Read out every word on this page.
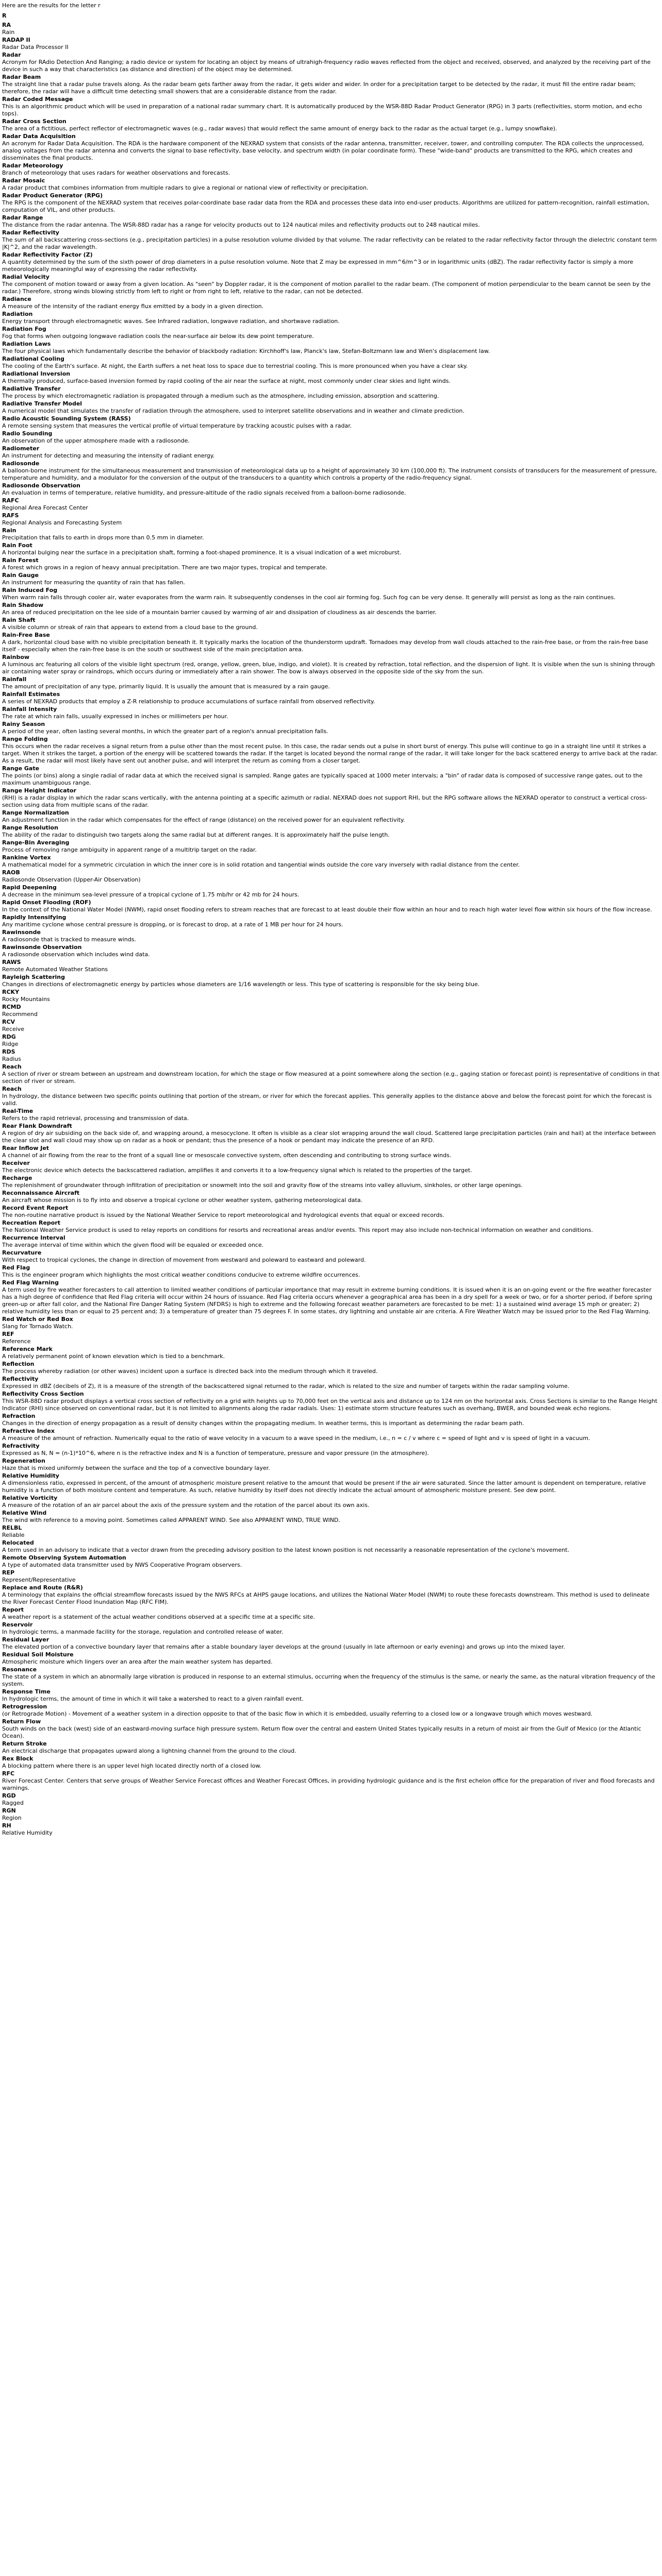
Here are the results for the letter r
R
RA
Rain
RADAP II
Radar Data Processor II
Radar
Acronym for RAdio Detection And Ranging; a radio device or system for locating an object by means of ultrahigh-frequency radio waves reflected from the object and received, observed, and analyzed by the receiving part of the device in such a way that characteristics (as distance and direction) of the object may be determined.
Radar Beam
The straight line that a radar pulse travels along. As the radar beam gets farther away from the radar, it gets wider and wider. In order for a precipitation target to be detected by the radar, it must fill the entire radar beam; therefore, the radar will have a difficult time detecting small showers that are a considerable distance from the radar.
Radar Coded Message
This is an algorithmic product which will be used in preparation of a national radar summary chart. It is automatically produced by the WSR-88D Radar Product Generator (RPG) in 3 parts (reflectivities, storm motion, and echo tops).
Radar Cross Section
The area of a fictitious, perfect reflector of electromagnetic waves (e.g., radar waves) that would reflect the same amount of energy back to the radar as the actual target (e.g., lumpy snowflake).
Radar Data Acquisition
An acronym for Radar Data Acquisition. The RDA is the hardware component of the NEXRAD system that consists of the radar antenna, transmitter, receiver, tower, and controlling computer. The RDA collects the unprocessed, analog voltages from the radar antenna and converts the signal to base reflectivity, base velocity, and spectrum width (in polar coordinate form). These "wide-band" products are transmitted to the RPG, which creates and disseminates the final products.
Radar Meteorology
Branch of meteorology that uses radars for weather observations and forecasts.
Radar Mosaic
A radar product that combines information from multiple radars to give a regional or national view of reflectivity or precipitation.
Radar Product Generator (RPG)
The RPG is the component of the NEXRAD system that receives polar-coordinate base radar data from the RDA and processes these data into end-user products. Algorithms are utilized for pattern-recognition, rainfall estimation, computation of VIL, and other products.
Radar Range
The distance from the radar antenna. The WSR-88D radar has a range for velocity products out to 124 nautical miles and reflectivity products out to 248 nautical miles.
Radar Reflectivity
The sum of all backscattering cross-sections (e.g., precipitation particles) in a pulse resolution volume divided by that volume. The radar reflectivity can be related to the radar reflectivity factor through the dielectric constant term |K|^2, and the radar wavelength.
Radar Reflectivity Factor (Z)
A quantity determined by the sum of the sixth power of drop diameters in a pulse resolution volume. Note that Z may be expressed in mm^6/m^3 or in logarithmic units (dBZ). The radar reflectivity factor is simply a more meteorologically meaningful way of expressing the radar reflectivity.
Radial Velocity
The component of motion toward or away from a given location. As "seen" by Doppler radar, it is the component of motion parallel to the radar beam. (The component of motion perpendicular to the beam cannot be seen by the radar.) Therefore, strong winds blowing strictly from left to right or from right to left, relative to the radar, can not be detected.
Radiance
A measure of the intensity of the radiant energy flux emitted by a body in a given direction.
Radiation
Energy transport through electromagnetic waves. See Infrared radiation, longwave radiation, and shortwave radiation.
Radiation Fog
Fog that forms when outgoing longwave radiation cools the near-surface air below its dew point temperature.
Radiation Laws
The four physical laws which fundamentally describe the behavior of blackbody radiation: Kirchhoff's law, Planck's law, Stefan-Boltzmann law and Wien's displacement law.
Radiational Cooling
The cooling of the Earth's surface. At night, the Earth suffers a net heat loss to space due to terrestrial cooling. This is more pronounced when you have a clear sky.
Radiational Inversion
A thermally produced, surface-based inversion formed by rapid cooling of the air near the surface at night, most commonly under clear skies and light winds.
Radiative Transfer
The process by which electromagnetic radiation is propagated through a medium such as the atmosphere, including emission, absorption and scattering.
Radiative Transfer Model
A numerical model that simulates the transfer of radiation through the atmosphere, used to interpret satellite observations and in weather and climate prediction.
Radio Acoustic Sounding System (RASS)
A remote sensing system that measures the vertical profile of virtual temperature by tracking acoustic pulses with a radar.
Radio Sounding
An observation of the upper atmosphere made with a radiosonde.
Radiometer
An instrument for detecting and measuring the intensity of radiant energy.
Radiosonde
A balloon-borne instrument for the simultaneous measurement and transmission of meteorological data up to a height of approximately 30 km (100,000 ft). The instrument consists of transducers for the measurement of pressure, temperature and humidity, and a modulator for the conversion of the output of the transducers to a quantity which controls a property of the radio-frequency signal.
Radiosonde Observation
An evaluation in terms of temperature, relative humidity, and pressure-altitude of the radio signals received from a balloon-borne radiosonde.
RAFC
Regional Area Forecast Center
RAFS
Regional Analysis and Forecasting System
Rain
Precipitation that falls to earth in drops more than 0.5 mm in diameter.
Rain Foot
A horizontal bulging near the surface in a precipitation shaft, forming a foot-shaped prominence. It is a visual indication of a wet microburst.
Rain Forest
A forest which grows in a region of heavy annual precipitation. There are two major types, tropical and temperate.
Rain Gauge
An instrument for measuring the quantity of rain that has fallen.
Rain Induced Fog
When warm rain falls through cooler air, water evaporates from the warm rain. It subsequently condenses in the cool air forming fog. Such fog can be very dense. It generally will persist as long as the rain continues.
Rain Shadow
An area of reduced precipitation on the lee side of a mountain barrier caused by warming of air and dissipation of cloudiness as air descends the barrier.
Rain Shaft
A visible column or streak of rain that appears to extend from a cloud base to the ground.
Rain-Free Base
A dark, horizontal cloud base with no visible precipitation beneath it. It typically marks the location of the thunderstorm updraft. Tornadoes may develop from wall clouds attached to the rain-free base, or from the rain-free base itself - especially when the rain-free base is on the south or southwest side of the main precipitation area.
Rainbow
A luminous arc featuring all colors of the visible light spectrum (red, orange, yellow, green, blue, indigo, and violet). It is created by refraction, total reflection, and the dispersion of light. It is visible when the sun is shining through air containing water spray or raindrops, which occurs during or immediately after a rain shower. The bow is always observed in the opposite side of the sky from the sun.
Rainfall
The amount of precipitation of any type, primarily liquid. It is usually the amount that is measured by a rain gauge.
Rainfall Estimates
A series of NEXRAD products that employ a Z-R relationship to produce accumulations of surface rainfall from observed reflectivity.
Rainfall Intensity
The rate at which rain falls, usually expressed in inches or millimeters per hour.
Rainy Season
A period of the year, often lasting several months, in which the greater part of a region's annual precipitation falls.
Range Folding
This occurs when the radar receives a signal return from a pulse other than the most recent pulse. In this case, the radar sends out a pulse in short burst of energy. This pulse will continue to go in a straight line until it strikes a target. When it strikes the target, a portion of the energy will be scattered towards the radar. If the target is located beyond the normal range of the radar, it will take longer for the back scattered energy to arrive back at the radar. As a result, the radar will most likely have sent out another pulse, and will interpret the return as coming from a closer target.
Range Gate
The points (or bins) along a single radial of radar data at which the received signal is sampled. Range gates are typically spaced at 1000 meter intervals; a "bin" of radar data is composed of successive range gates, out to the maximum unambiguous range.
Range Height Indicator
(RHI) is a radar display in which the radar scans vertically, with the antenna pointing at a specific azimuth or radial. NEXRAD does not support RHI, but the RPG software allows the NEXRAD operator to construct a vertical cross-section using data from multiple scans of the radar.
Range Normalization
An adjustment function in the radar which compensates for the effect of range (distance) on the received power for an equivalent reflectivity.
Range Resolution
The ability of the radar to distinguish two targets along the same radial but at different ranges. It is approximately half the pulse length.
Range-Bin Averaging
Process of removing range ambiguity in apparent range of a multitrip target on the radar.
Rankine Vortex
A mathematical model for a symmetric circulation in which the inner core is in solid rotation and tangential winds outside the core vary inversely with radial distance from the center.
RAOB
Radiosonde Observation (Upper-Air Observation)
Rapid Deepening
A decrease in the minimum sea-level pressure of a tropical cyclone of 1.75 mb/hr or 42 mb for 24 hours.
Rapid Onset Flooding (ROF)
In the context of the National Water Model (NWM), rapid onset flooding refers to stream reaches that are forecast to at least double their flow within an hour and to reach high water level flow within six hours of the flow increase.
Rapidly Intensifying
Any maritime cyclone whose central pressure is dropping, or is forecast to drop, at a rate of 1 MB per hour for 24 hours.
Rawinsonde
A radiosonde that is tracked to measure winds.
Rawinsonde Observation
A radiosonde observation which includes wind data.
RAWS
Remote Automated Weather Stations
Rayleigh Scattering
Changes in directions of electromagnetic energy by particles whose diameters are 1/16 wavelength or less. This type of scattering is responsible for the sky being blue.
RCKY
Rocky Mountains
RCMD
Recommend
RCV
Receive
RDG
Ridge
RDS
Radius
Reach
A section of river or stream between an upstream and downstream location, for which the stage or flow measured at a point somewhere along the section (e.g., gaging station or forecast point) is representative of conditions in that section of river or stream.
Reach
In hydrology, the distance between two specific points outlining that portion of the stream, or river for which the forecast applies. This generally applies to the distance above and below the forecast point for which the forecast is valid.
Real-Time
Refers to the rapid retrieval, processing and transmission of data.
Rear Flank Downdraft
A region of dry air subsiding on the back side of, and wrapping around, a mesocyclone. It often is visible as a clear slot wrapping around the wall cloud. Scattered large precipitation particles (rain and hail) at the interface between the clear slot and wall cloud may show up on radar as a hook or pendant; thus the presence of a hook or pendant may indicate the presence of an RFD.
Rear Inflow Jet
A channel of air flowing from the rear to the front of a squall line or mesoscale convective system, often descending and contributing to strong surface winds.
Receiver
The electronic device which detects the backscattered radiation, amplifies it and converts it to a low-frequency signal which is related to the properties of the target.
Recharge
The replenishment of groundwater through infiltration of precipitation or snowmelt into the soil and gravity flow of the streams into valley alluvium, sinkholes, or other large openings.
Reconnaissance Aircraft
An aircraft whose mission is to fly into and observe a tropical cyclone or other weather system, gathering meteorological data.
Record Event Report
The non-routine narrative product is issued by the National Weather Service to report meteorological and hydrological events that equal or exceed records.
Recreation Report
The National Weather Service product is used to relay reports on conditions for resorts and recreational areas and/or events. This report may also include non-technical information on weather and conditions.
Recurrence Interval
The average interval of time within which the given flood will be equaled or exceeded once.
Recurvature
With respect to tropical cyclones, the change in direction of movement from westward and poleward to eastward and poleward.
Red Flag
This is the engineer program which highlights the most critical weather conditions conducive to extreme wildfire occurrences.
Red Flag Warning
A term used by fire weather forecasters to call attention to limited weather conditions of particular importance that may result in extreme burning conditions. It is issued when it is an on-going event or the fire weather forecaster has a high degree of confidence that Red Flag criteria will occur within 24 hours of issuance. Red Flag criteria occurs whenever a geographical area has been in a dry spell for a week or two, or for a shorter period, if before spring green-up or after fall color, and the National Fire Danger Rating System (NFDRS) is high to extreme and the following forecast weather parameters are forecasted to be met: 1) a sustained wind average 15 mph or greater; 2) relative humidity less than or equal to 25 percent and; 3) a temperature of greater than 75 degrees F. In some states, dry lightning and unstable air are criteria. A Fire Weather Watch may be issued prior to the Red Flag Warning.
Red Watch or Red Box
Slang for Tornado Watch.
REF
Reference
Reference Mark
A relatively permanent point of known elevation which is tied to a benchmark.
Reflection
The process whereby radiation (or other waves) incident upon a surface is directed back into the medium through which it traveled.
Reflectivity
Expressed in dBZ (decibels of Z), it is a measure of the strength of the backscattered signal returned to the radar, which is related to the size and number of targets within the radar sampling volume.
Reflectivity Cross Section
This WSR-88D radar product displays a vertical cross section of reflectivity on a grid with heights up to 70,000 feet on the vertical axis and distance up to 124 nm on the horizontal axis. Cross Sections is similar to the Range Height Indicator (RHI) since observed on conventional radar, but it is not limited to alignments along the radar radials. Uses: 1) estimate storm structure features such as overhang, BWER, and bounded weak echo regions.
Refraction
Changes in the direction of energy propagation as a result of density changes within the propagating medium. In weather terms, this is important as determining the radar beam path.
Refractive Index
A measure of the amount of refraction. Numerically equal to the ratio of wave velocity in a vacuum to a wave speed in the medium, i.e., n = c / v where c = speed of light and v is speed of light in a vacuum.
Refractivity
Expressed as N, N = (n-1)*10^6, where n is the refractive index and N is a function of temperature, pressure and vapor pressure (in the atmosphere).
Regeneration
Haze that is mixed uniformly between the surface and the top of a convective boundary layer.
Relative Humidity
A dimensionless ratio, expressed in percent, of the amount of atmospheric moisture present relative to the amount that would be present if the air were saturated. Since the latter amount is dependent on temperature, relative humidity is a function of both moisture content and temperature. As such, relative humidity by itself does not directly indicate the actual amount of atmospheric moisture present. See dew point.
Relative Vorticity
A measure of the rotation of an air parcel about the axis of the pressure system and the rotation of the parcel about its own axis.
Relative Wind
The wind with reference to a moving point. Sometimes called APPARENT WIND. See also APPARENT WIND, TRUE WIND.
RELBL
Reliable
Relocated
A term used in an advisory to indicate that a vector drawn from the preceding advisory position to the latest known position is not necessarily a reasonable representation of the cyclone's movement.
Remote Observing System Automation
A type of automated data transmitter used by NWS Cooperative Program observers.
REP
Represent/Representative
Replace and Route (R&R)
A terminology that explains the official streamflow forecasts issued by the NWS RFCs at AHPS gauge locations, and utilizes the National Water Model (NWM) to route these forecasts downstream. This method is used to delineate the River Forecast Center Flood Inundation Map (RFC FIM).
Report
A weather report is a statement of the actual weather conditions observed at a specific time at a specific site.
Reservoir
In hydrologic terms, a manmade facility for the storage, regulation and controlled release of water.
Residual Layer
The elevated portion of a convective boundary layer that remains after a stable boundary layer develops at the ground (usually in late afternoon or early evening) and grows up into the mixed layer.
Residual Soil Moisture
Atmospheric moisture which lingers over an area after the main weather system has departed.
Resonance
The state of a system in which an abnormally large vibration is produced in response to an external stimulus, occurring when the frequency of the stimulus is the same, or nearly the same, as the natural vibration frequency of the system.
Response Time
In hydrologic terms, the amount of time in which it will take a watershed to react to a given rainfall event.
Retrogression
(or Retrograde Motion) - Movement of a weather system in a direction opposite to that of the basic flow in which it is embedded, usually referring to a closed low or a longwave trough which moves westward.
Return Flow
South winds on the back (west) side of an eastward-moving surface high pressure system. Return flow over the central and eastern United States typically results in a return of moist air from the Gulf of Mexico (or the Atlantic Ocean).
Return Stroke
An electrical discharge that propagates upward along a lightning channel from the ground to the cloud.
Rex Block
A blocking pattern where there is an upper level high located directly north of a closed low.
RFC
River Forecast Center. Centers that serve groups of Weather Service Forecast offices and Weather Forecast Offices, in providing hydrologic guidance and is the first echelon office for the preparation of river and flood forecasts and warnings.
RGD
Ragged
RGN
Region
RH
Relative Humidity
